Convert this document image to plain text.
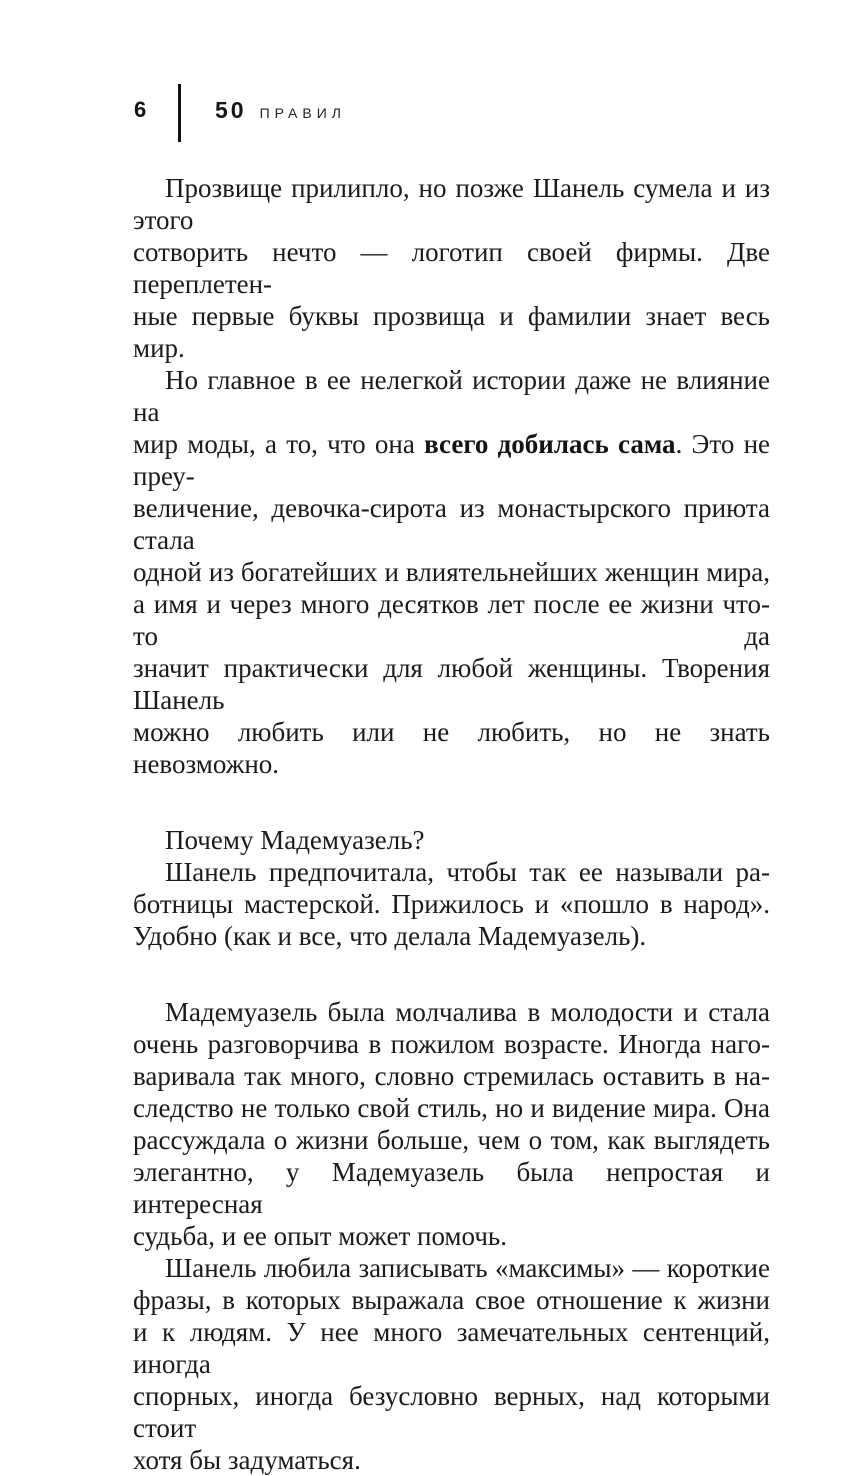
6	50 ПРАВИЛ
Прозвище прилипло, но позже Шанель сумела и из этого
сотворить нечто — логотип своей фирмы. Две переплетен-
ные первые буквы прозвища и фамилии знает весь мир.
Но главное в ее нелегкой истории даже не влияние на
мир моды, а то, что она всего добилась сама. Это не преу-
величение, девочка-сирота из монастырского приюта стала
одной из богатейших и влиятельнейших женщин мира,
а имя и через много десятков лет после ее жизни что-то да
значит практически для любой женщины. Творения Шанель
можно любить или не любить, но не знать невозможно.
Почему Мадемуазель?
Шанель предпочитала, чтобы так ее называли ра-
ботницы мастерской. Прижилось и «пошло в народ».
Удобно (как и все, что делала Мадемуазель).
Мадемуазель была молчалива в молодости и стала
очень разговорчива в пожилом возрасте. Иногда наго-
варивала так много, словно стремилась оставить в на-
следство не только свой стиль, но и видение мира. Она
рассуждала о жизни больше, чем о том, как выглядеть
элегантно, у Мадемуазель была непростая и интересная
судьба, и ее опыт может помочь.
Шанель любила записывать «максимы» — короткие
фразы, в которых выражала свое отношение к жизни
и к людям. У нее много замечательных сентенций, иногда
спорных, иногда безусловно верных, над которыми стоит
хотя бы задуматься.
